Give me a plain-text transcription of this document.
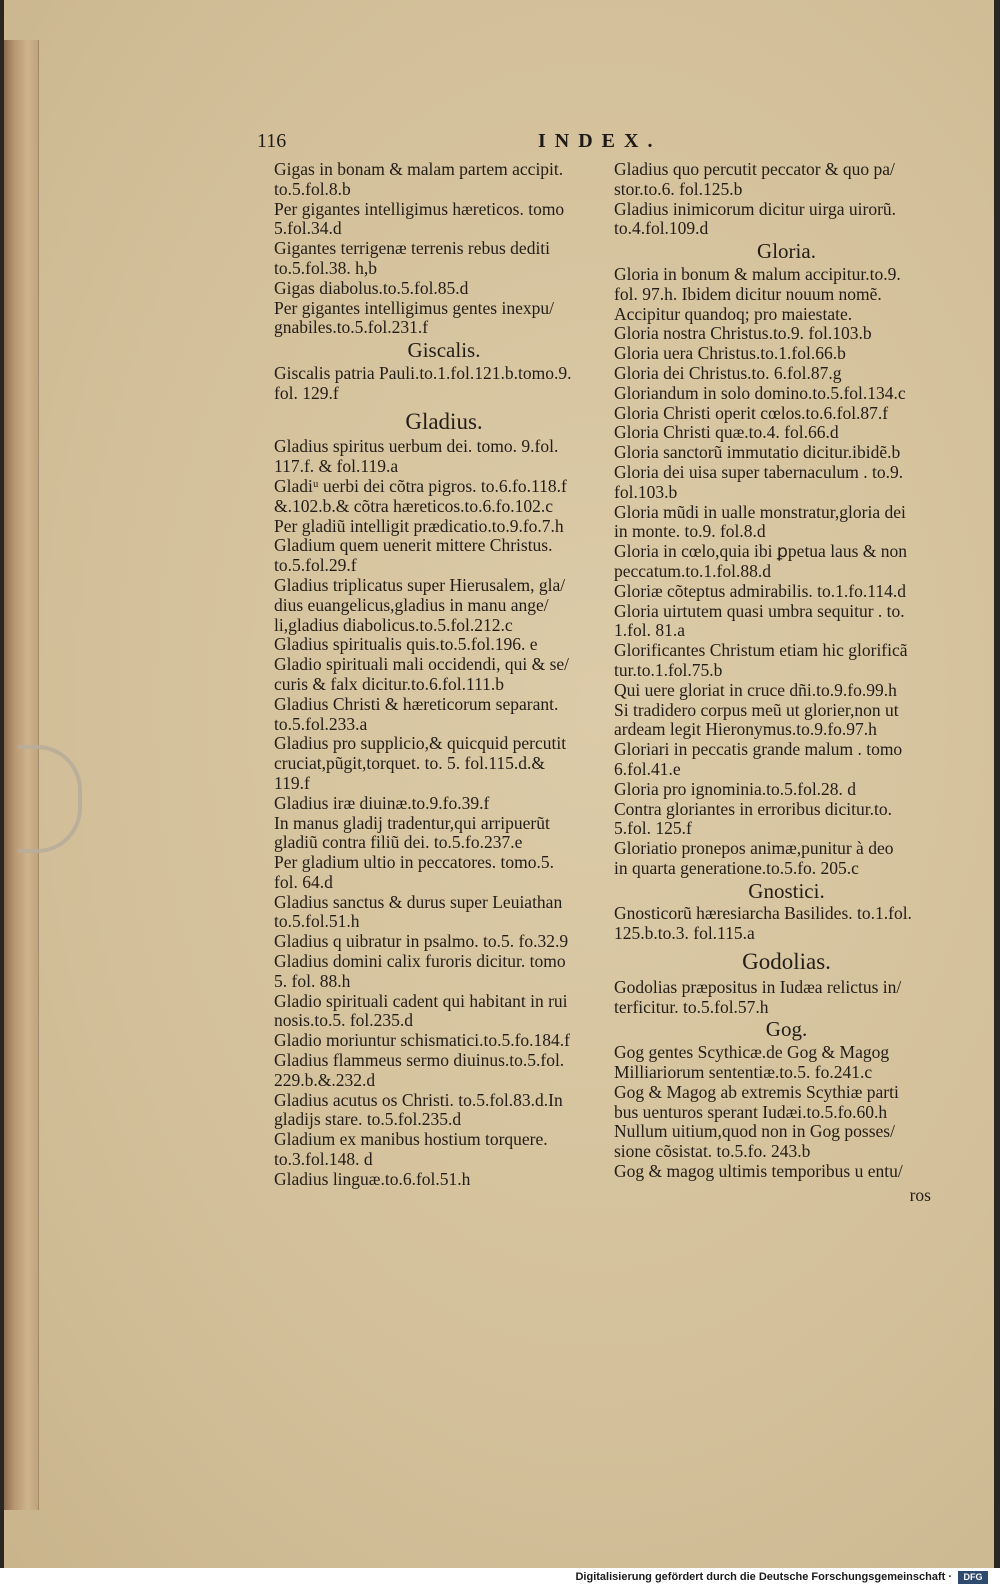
116	INDEX.
Gigas in bonam & malam partem accipit.
to.5.fol.8.b
Per gigantes intelligimus hæreticos. tomo
5.fol.34.d
Gigantes terrigenæ terrenis rebus dediti
to.5.fol.38. h,b
Gigas diabolus.to.5.fol.85.d
Per gigantes intelligimus gentes inexpu/
gnabiles.to.5.fol.231.f
Giscalis.
Giscalis patria Pauli.to.1.fol.121.b.tomo.9.
fol. 129.f
Gladius.
Gladius spiritus uerbum dei. tomo. 9.fol.
117.f. & fol.119.a
Gladiᵘ uerbi dei cõtra pigros. to.6.fo.118.f
&.102.b.& cõtra hæreticos.to.6.fo.102.c
Per gladiũ intelligit prædicatio.to.9.fo.7.h
Gladium quem uenerit mittere Christus.
to.5.fol.29.f
Gladius triplicatus super Hierusalem, gla/
dius euangelicus,gladius in manu ange/
li,gladius diabolicus.to.5.fol.212.c
Gladius spiritualis quis.to.5.fol.196. e
Gladio spirituali mali occidendi, qui & se/
curis & falx dicitur.to.6.fol.111.b
Gladius Christi & hæreticorum separant.
to.5.fol.233.a
Gladius pro supplicio,& quicquid percutit
cruciat,pũgit,torquet. to. 5. fol.115.d.&
119.f
Gladius iræ diuinæ.to.9.fo.39.f
In manus gladij tradentur,qui arripuerũt
gladiũ contra filiũ dei. to.5.fo.237.e
Per gladium ultio in peccatores. tomo.5.
fol. 64.d
Gladius sanctus & durus super Leuiathan
to.5.fol.51.h
Gladius q uibratur in psalmo. to.5. fo.32.9
Gladius domini calix furoris dicitur. tomo
5. fol. 88.h
Gladio spirituali cadent qui habitant in rui
nosis.to.5. fol.235.d
Gladio moriuntur schismatici.to.5.fo.184.f
Gladius flammeus sermo diuinus.to.5.fol.
229.b.&.232.d
Gladius acutus os Christi. to.5.fol.83.d.In
gladijs stare. to.5.fol.235.d
Gladium ex manibus hostium torquere.
to.3.fol.148. d
Gladius linguæ.to.6.fol.51.h
Gladius quo percutit peccator & quo pa/
stor.to.6. fol.125.b
Gladius inimicorum dicitur uirga uirorũ.
to.4.fol.109.d
Gloria.
Gloria in bonum & malum accipitur.to.9.
fol. 97.h. Ibidem dicitur nouum nomẽ.
Accipitur quandoq; pro maiestate.
Gloria nostra Christus.to.9. fol.103.b
Gloria uera Christus.to.1.fol.66.b
Gloria dei Christus.to. 6.fol.87.g
Gloriandum in solo domino.to.5.fol.134.c
Gloria Christi operit cœlos.to.6.fol.87.f
Gloria Christi quæ.to.4. fol.66.d
Gloria sanctorũ immutatio dicitur.ibidẽ.b
Gloria dei uisa super tabernaculum . to.9.
fol.103.b
Gloria mũdi in ualle monstratur,gloria dei
in monte. to.9. fol.8.d
Gloria in cœlo,quia ibi ꝑpetua laus & non
peccatum.to.1.fol.88.d
Gloriæ cõteptus admirabilis. to.1.fo.114.d
Gloria uirtutem quasi umbra sequitur . to.
1.fol. 81.a
Glorificantes Christum etiam hic glorificã
tur.to.1.fol.75.b
Qui uere gloriat in cruce dñi.to.9.fo.99.h
Si tradidero corpus meũ ut glorier,non ut
ardeam legit Hieronymus.to.9.fo.97.h
Gloriari in peccatis grande malum . tomo
6.fol.41.e
Gloria pro ignominia.to.5.fol.28. d
Contra gloriantes in erroribus dicitur.to.
5.fol. 125.f
Gloriatio pronepos animæ,punitur à deo
in quarta generatione.to.5.fo. 205.c
Gnostici.
Gnosticorũ hæresiarcha Basilides. to.1.fol.
125.b.to.3. fol.115.a
Godolias.
Godolias præpositus in Iudæa relictus in/
terficitur. to.5.fol.57.h
Gog.
Gog gentes Scythicæ.de Gog & Magog
Milliariorum sententiæ.to.5. fo.241.c
Gog & Magog ab extremis Scythiæ parti
bus uenturos sperant Iudæi.to.5.fo.60.h
Nullum uitium,quod non in Gog posses/
sione cõsistat. to.5.fo. 243.b
Gog & magog ultimis temporibus u entu/
ros
Digitalisierung gefördert durch die Deutsche Forschungsgemeinschaft ·	DFG
